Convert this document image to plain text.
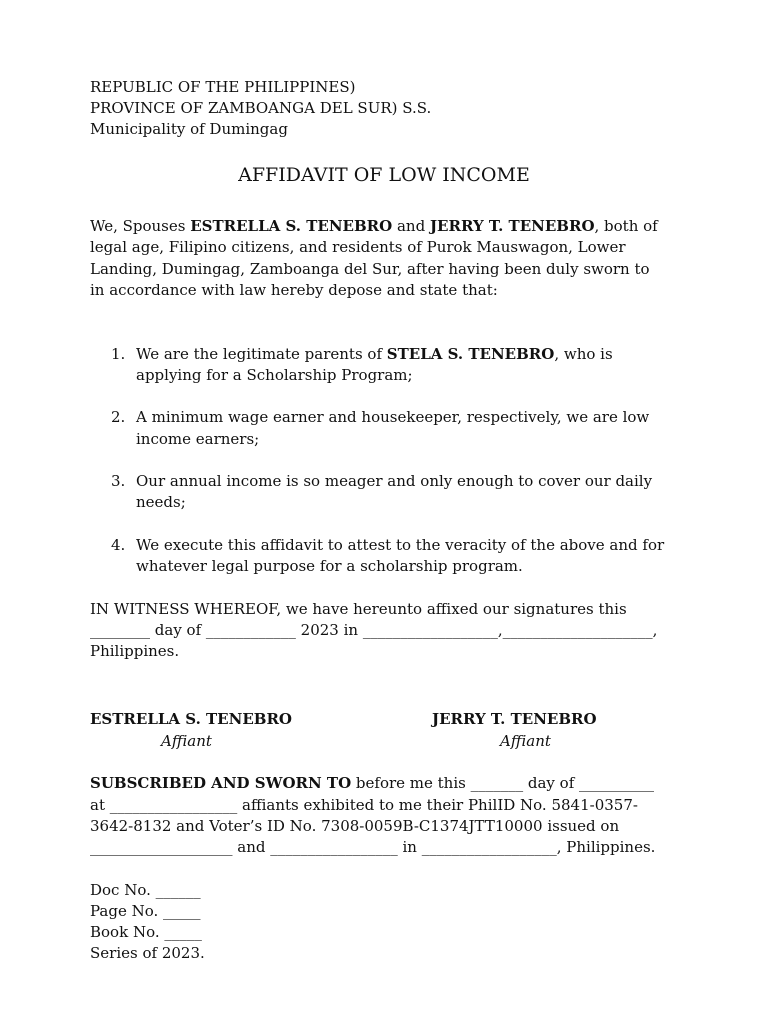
REPUBLIC OF THE PHILIPPINES)
PROVINCE OF ZAMBOANGA DEL SUR) S.S.
Municipality of Dumingag
AFFIDAVIT OF LOW INCOME
We, Spouses ESTRELLA S. TENEBRO and JERRY T. TENEBRO, both of
legal age, Filipino citizens, and residents of Purok Mauswagon, Lower
Landing, Dumingag, Zamboanga del Sur, after having been duly sworn to
in accordance with law hereby depose and state that:
1. We are the legitimate parents of STELA S. TENEBRO, who is
applying for a Scholarship Program;
2. A minimum wage earner and housekeeper, respectively, we are low
income earners;
3. Our annual income is so meager and only enough to cover our daily
needs;
4. We execute this affidavit to attest to the veracity of the above and for
whatever legal purpose for a scholarship program.
IN WITNESS WHEREOF, we have hereunto affixed our signatures this
________ day of ____________ 2023 in __________________,____________________,
Philippines.
ESTRELLA S. TENEBRO
Affiant
JERRY T. TENEBRO
Affiant
SUBSCRIBED AND SWORN TO before me this _______ day of __________
at _________________ affiants exhibited to me their PhilID No. 5841-0357-
3642-8132 and Voter’s ID No. 7308-0059B-C1374JTT10000 issued on
___________________ and _________________ in __________________, Philippines.
Doc No. ______
Page No. _____
Book No. _____
Series of 2023.
